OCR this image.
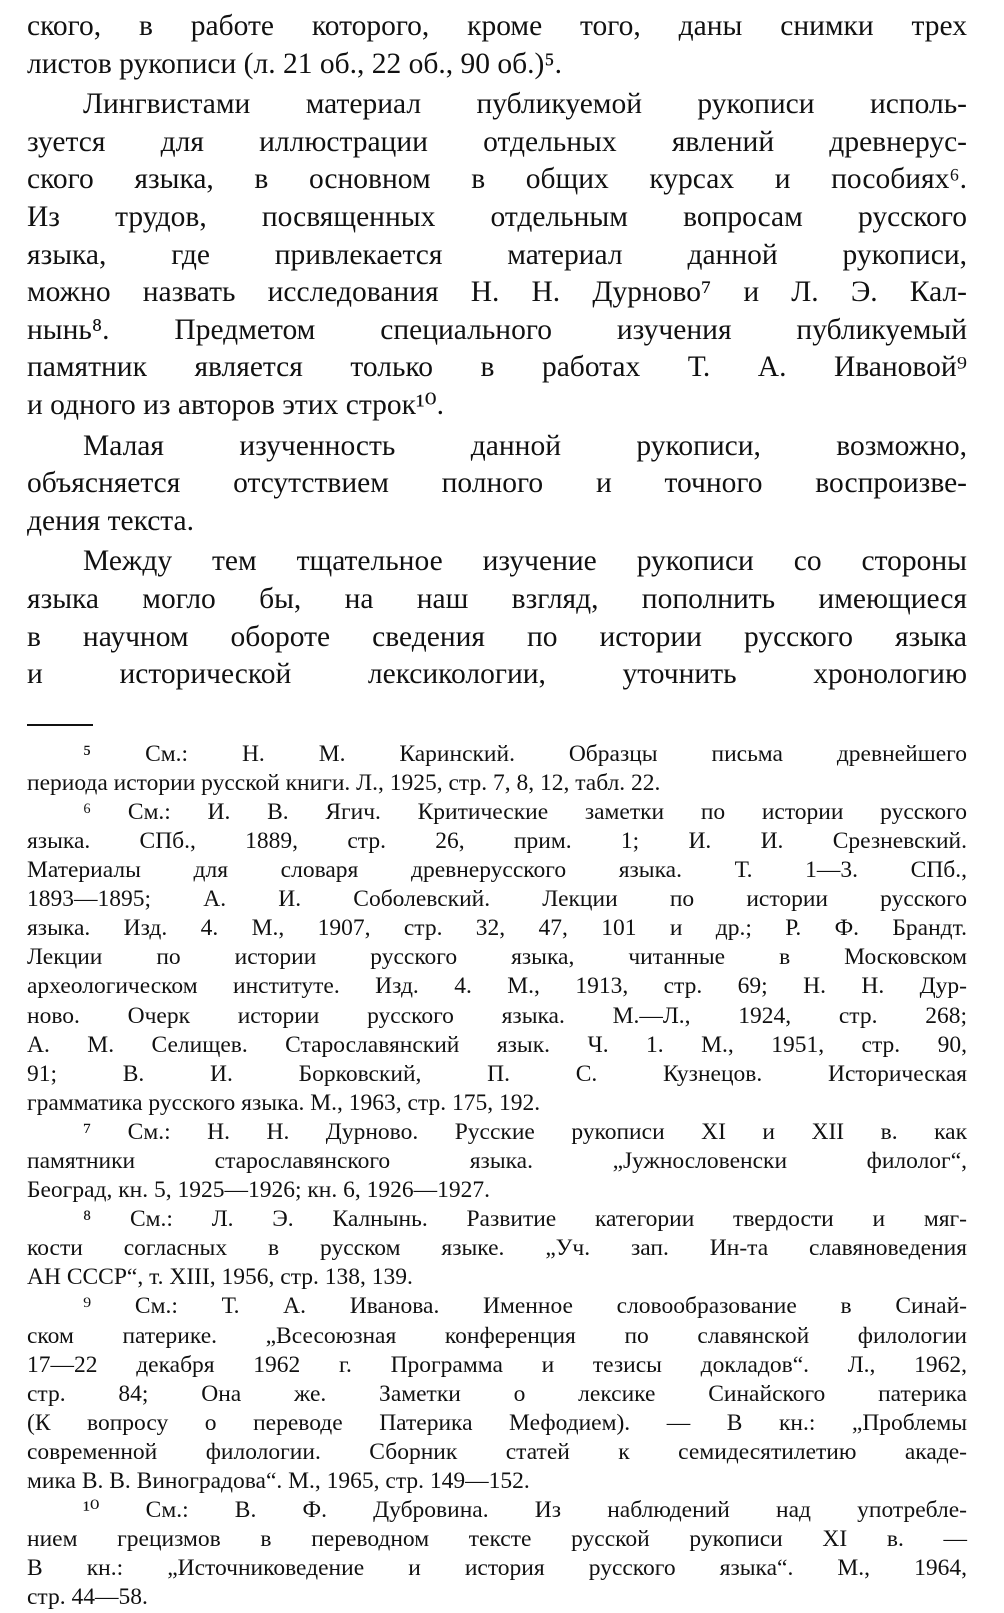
ского, в работе которого, кроме того, даны снимки трех
листов рукописи (л. 21 об., 22 об., 90 об.)⁵.
Лингвистами материал публикуемой рукописи исполь-
зуется для иллюстрации отдельных явлений древнерус-
ского языка, в основном в общих курсах и пособиях⁶.
Из трудов, посвященных отдельным вопросам русского
языка, где привлекается материал данной рукописи,
можно назвать исследования Н. Н. Дурново⁷ и Л. Э. Кал-
нынь⁸. Предметом специального изучения публикуемый
памятник является только в работах Т. А. Ивановой⁹
и одного из авторов этих строк¹⁰.
Малая изученность данной рукописи, возможно,
объясняется отсутствием полного и точного воспроизве-
дения текста.
Между тем тщательное изучение рукописи со стороны
языка могло бы, на наш взгляд, пополнить имеющиеся
в научном обороте сведения по истории русского языка
и исторической лексикологии, уточнить хронологию
⁵ См.: Н. М. Каринский. Образцы письма древнейшего
периода истории русской книги. Л., 1925, стр. 7, 8, 12, табл. 22.
⁶ См.: И. В. Ягич. Критические заметки по истории русского
языка. СПб., 1889, стр. 26, прим. 1; И. И. Срезневский.
Материалы для словаря древнерусского языка. Т. 1—3. СПб.,
1893—1895; А. И. Соболевский. Лекции по истории русского
языка. Изд. 4. М., 1907, стр. 32, 47, 101 и др.; Р. Ф. Брандт.
Лекции по истории русского языка, читанные в Московском
археологическом институте. Изд. 4. М., 1913, стр. 69; Н. Н. Дур-
ново. Очерк истории русского языка. М.—Л., 1924, стр. 268;
А. М. Селищев. Старославянский язык. Ч. 1. М., 1951, стр. 90,
91; В. И. Борковский, П. С. Кузнецов. Историческая
грамматика русского языка. М., 1963, стр. 175, 192.
⁷ См.: Н. Н. Дурново. Русские рукописи XI и XII в. как
памятники старославянского языка. „Јужнословенски филолог“,
Београд, кн. 5, 1925—1926; кн. 6, 1926—1927.
⁸ См.: Л. Э. Калнынь. Развитие категории твердости и мяг-
кости согласных в русском языке. „Уч. зап. Ин-та славяноведения
АН СССР“, т. XIII, 1956, стр. 138, 139.
⁹ См.: Т. А. Иванова. Именное словообразование в Синай-
ском патерике. „Всесоюзная конференция по славянской филологии
17—22 декабря 1962 г. Программа и тезисы докладов“. Л., 1962,
стр. 84; Она же. Заметки о лексике Синайского патерика
(К вопросу о переводе Патерика Мефодием). — В кн.: „Проблемы
современной филологии. Сборник статей к семидесятилетию акаде-
мика В. В. Виноградова“. М., 1965, стр. 149—152.
¹⁰ См.: В. Ф. Дубровина. Из наблюдений над употребле-
нием грецизмов в переводном тексте русской рукописи XI в. —
В кн.: „Источниковедение и история русского языка“. М., 1964,
стр. 44—58.
